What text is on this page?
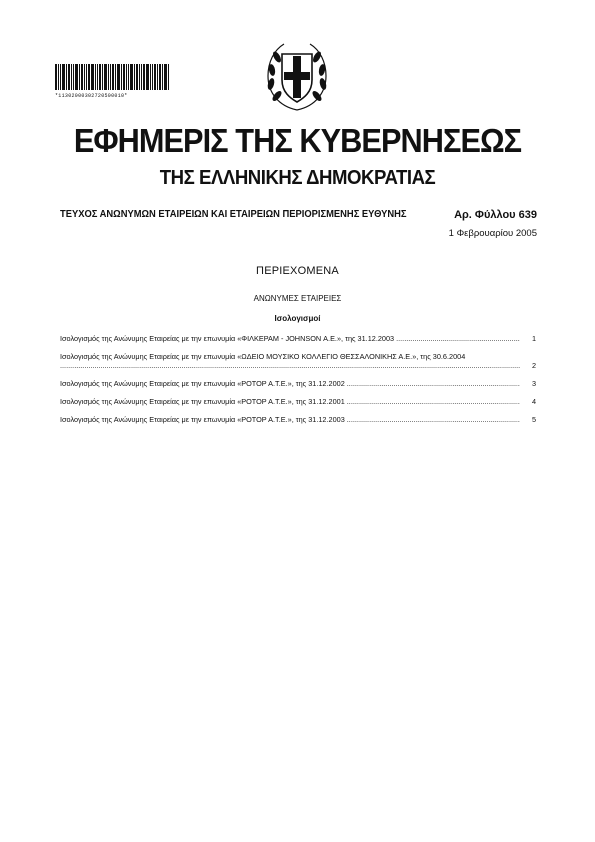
*11302000302720500010*
ΕΦΗΜΕΡΙΣ ΤΗΣ ΚΥΒΕΡΝΗΣΕΩΣ
ΤΗΣ ΕΛΛΗΝΙΚΗΣ ΔΗΜΟΚΡΑΤΙΑΣ
ΤΕΥΧΟΣ ΑΝΩΝΥΜΩΝ ΕΤΑΙΡΕΙΩΝ ΚΑΙ ΕΤΑΙΡΕΙΩΝ ΠΕΡΙΟΡΙΣΜΕΝΗΣ ΕΥΘΥΝΗΣ	Αρ. Φύλλου 639
1 Φεβρουαρίου 2005
ΠΕΡΙΕΧΟΜΕΝΑ
ΑΝΩΝΥΜΕΣ ΕΤΑΙΡΕΙΕΣ
Ισολογισμοί
Ισολογισμός της Ανώνυμης Εταιρείας με την επωνυμία «ΦΙΛΚΕΡΑΜ - JOHNSON Α.Ε.», της 31.12.2003 .....	1
Ισολογισμός της Ανώνυμης Εταιρείας με την επωνυμία «ΩΔΕΙΟ ΜΟΥΣΙΚΟ ΚΟΛΛΕΓΙΟ ΘΕΣΣΑΛΟΝΙΚΗΣ Α.Ε.», της 30.6.2004 .....
2
Ισολογισμός της Ανώνυμης Εταιρείας με την επωνυμία «ΡΟΤΟΡ Α.Τ.Ε.», της 31.12.2002 .....	3
Ισολογισμός της Ανώνυμης Εταιρείας με την επωνυμία «ΡΟΤΟΡ Α.Τ.Ε.», της 31.12.2001 .....	4
Ισολογισμός της Ανώνυμης Εταιρείας με την επωνυμία «ΡΟΤΟΡ Α.Τ.Ε.», της 31.12.2003 .....	5
